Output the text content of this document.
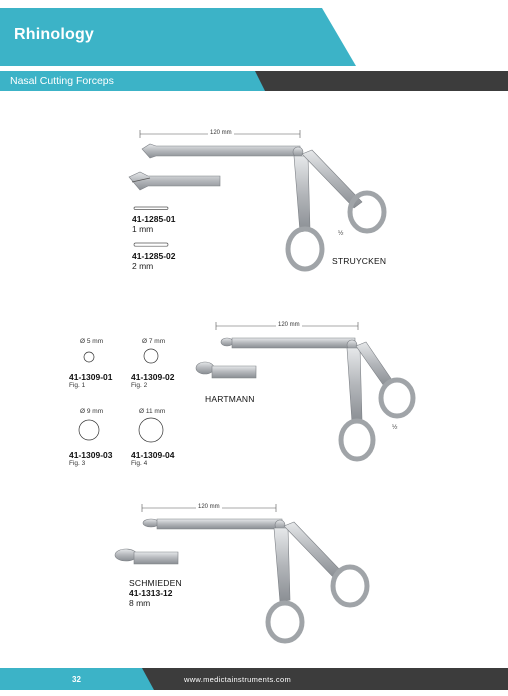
Rhinology
Nasal Cutting Forceps
120 mm
41-1285-01
1 mm
41-1285-02
2 mm	STRUYCKEN
½
120 mm
Ø 5 mm	Ø 7 mm
41-1309-01
Fig. 1
41-1309-02
Fig. 2
Ø 9 mm	Ø 11 mm
41-1309-03
Fig. 3
41-1309-04
Fig. 4
HARTMANN
½
120 mm
SCHMIEDEN
41-1313-12
8 mm
32	www.medictainstruments.com
